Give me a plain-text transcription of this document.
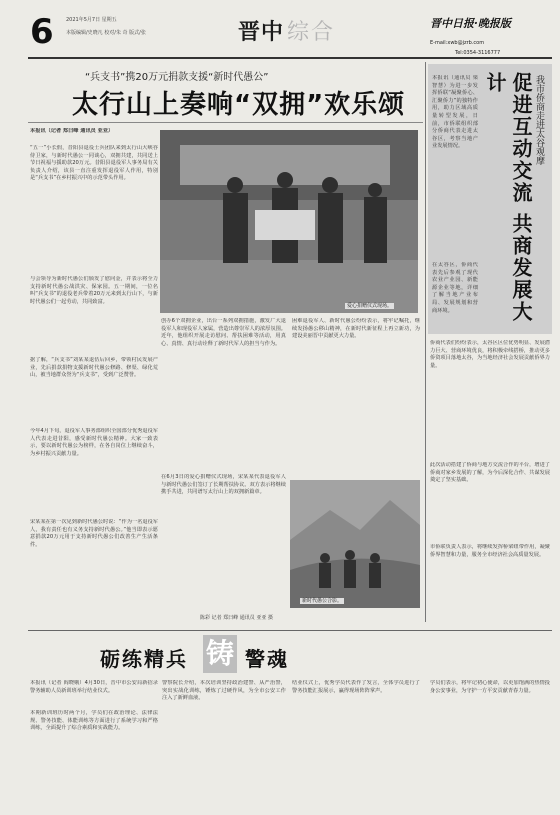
6 2021年5月7日 星期五
本版编辑/史晓凡 校对/朱 奇 版式/张	晋中 综合	晋中日报·晚报版
E-mail:xwb@jzrb.com
Tel:0354-3116777
“兵支书”携20万元捐款支援“新时代愚公”
太行山上奏响“双拥”欢乐颂
本报讯（记者 郑曰峰 通讯员 亚亚）
“五一”小长假，昔阳县退役士兵团队来到太行山大峡谷侍卫家，与新时代愚公一同谈心，双拥共建，共同送上节日祝福与援助款20万元。昔阳县退役军人事务局有关负责人介绍，该县一直注重发挥退役军人作用，特别是“兵支书”在乡村振兴中的示范带头作用。
与会领导为新时代愚公们颁发了慰问金，并表示将全力支持新时代愚公战洪灾、保家园。五一期间，一位名叫“兵支书”的退役老兵带着20万元来到太行山下，与新时代愚公们一起劳动，共同致富。
据了解，“兵支书”刘某某退伍后回乡，带领村民发展产业，先后捐款捐物支援新时代愚公修路、修渠、绿化荒山，被当地群众誉为“兵支书”，受到广泛赞誉。
今年4月下旬，退役军人事务部组织全国部分优秀退役军人代表走进昔阳，感受新时代愚公精神。大家一致表示，要以新时代愚公为榜样，在各自岗位上继续奋斗，为乡村振兴贡献力量。
宋某某在第一次见到新时代愚公时说：“作为一名退役军人，我有责任也有义务支持新时代愚公。”他当即表示愿意捐款20万元用于支持新时代愚公们改善生产生活条件。
爱心捐赠仪式现场。
创办6个双拥企业，出台一系列双拥措施，激发广大退役军人和现役军人家属，营造出尊崇军人的浓厚氛围。近年，他组织开展走访慰问、帮扶困难等活动，用真心、真情、真行动诠释了新时代军人的担当与作为。
在6月3日的爱心捐赠仪式现场，宋某某代表退役军人与新时代愚公们签订了长期帮扶协议。双方表示将继续携手共进，共同谱写太行山上的双拥新篇章。
困难退役军人、新时代愚公纷纷表示，将牢记嘱托，继续发扬愚公移山精神，在新时代新征程上再立新功，为建设美丽晋中贡献更大力量。
新时代愚公合影。
陈彩 记者 郑曰峰 通讯员 亚亚 摄
促进互动交流 共商发展大计	我市侨商走进太谷观摩
本报讯（通讯员 梁智慧）为进一步发挥侨联“凝聚侨心、汇聚侨力”的独特作用，助力区域高质量转型发展，日前，市侨联组织部分侨商代表走进太谷区，考察当地产业发展情况。
在太谷区，侨商代表先后参观了现代农业产业园、新能源企业等地，详细了解当地产业布局、发展规划和营商环境。
侨商代表们纷纷表示，太谷区区位优势明显、发展潜力巨大、营商环境优良，将积极牵线搭桥，推动更多侨资项目落地太谷，为当地经济社会发展贡献侨界力量。
此次活动搭建了侨商与地方交流合作的平台，增进了侨商对家乡发展的了解，为今后深化合作、共谋发展奠定了坚实基础。
市侨联负责人表示，将继续发挥桥梁纽带作用，凝聚侨界智慧和力量，服务全市经济社会高质量发展。
砺练精兵 铸 警魂
本报讯（记者 阎晓娥）4月30日，晋中市公安局新招录警务辅助人员新训班举行结业仪式。
本期新训班历时两个月，学员们在政治理论、法律法规、警务技能、体能训练等方面进行了系统学习和严格训练，全面提升了综合素质和实战能力。
警察院长介绍，本次培训坚持政治建警、从严治警，突出实战化训练，锤炼了过硬作风，为全市公安工作注入了新鲜血液。
结业仪式上，优秀学员代表作了发言，全体学员进行了警务技能汇报展示，赢得现场阵阵掌声。
学员们表示，将牢记初心使命，以更加饱满的热情投身公安事业，为守护一方平安贡献青春力量。
